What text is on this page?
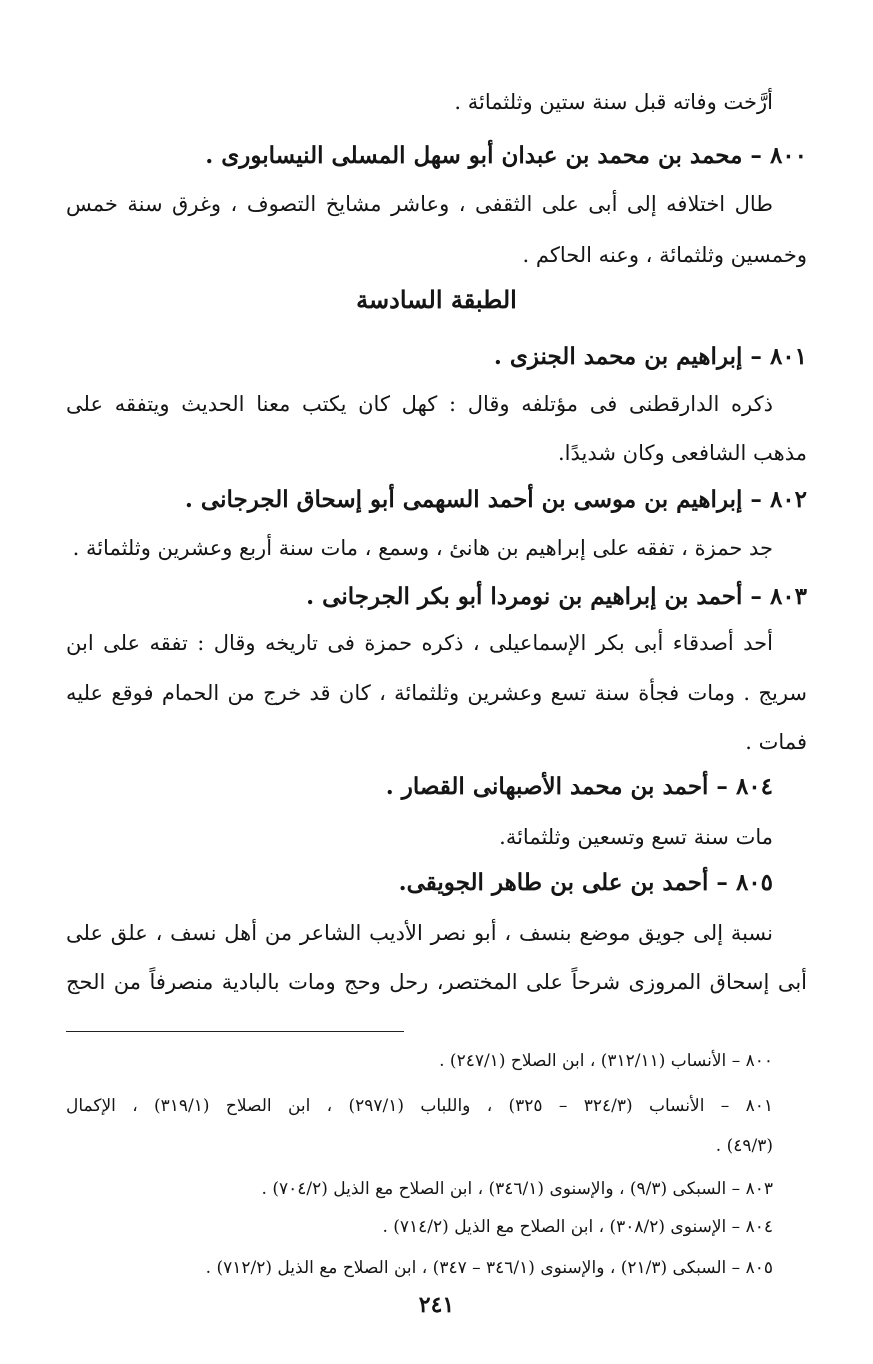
أرَّخت وفاته قبل سنة ستين وثلثمائة .
٨٠٠ – محمد بن محمد بن عبدان أبو سهل المسلى النيسابورى .
طال اختلافه إلى أبى على الثقفى ، وعاشر مشايخ التصوف ، وغرق سنة خمس
وخمسين وثلثمائة ، وعنه الحاكم .
الطبقة السادسة
٨٠١ – إبراهيم بن محمد الجنزى .
ذكره الدارقطنى فى مؤتلفه وقال : كهل كان يكتب معنا الحديث ويتفقه على
مذهب الشافعى وكان شديدًا.
٨٠٢ – إبراهيم بن موسى بن أحمد السهمى أبو إسحاق الجرجانى .
جد حمزة ، تفقه على إبراهيم بن هانئ ، وسمع ، مات سنة أربع وعشرين وثلثمائة .
٨٠٣ – أحمد بن إبراهيم بن نومردا أبو بكر الجرجانى .
أحد أصدقاء أبى بكر الإسماعيلى ، ذكره حمزة فى تاريخه وقال : تفقه على ابن
سريج . ومات فجأة سنة تسع وعشرين وثلثمائة ، كان قد خرج من الحمام فوقع عليه
فمات .
٨٠٤ – أحمد بن محمد الأصبهانى القصار .
مات سنة تسع وتسعين وثلثمائة.
٨٠٥ – أحمد بن على بن طاهر الجويقى.
نسبة إلى جويق موضع بنسف ، أبو نصر الأديب الشاعر من أهل نسف ، علق على
أبى إسحاق المروزى شرحاً على المختصر، رحل وحج ومات بالبادية منصرفاً من الحج
٨٠٠ – الأنساب (٣١٢/١١) ، ابن الصلاح (٢٤٧/١) .
٨٠١ – الأنساب (٣٢٤/٣ – ٣٢٥) ، واللباب (٢٩٧/١) ، ابن الصلاح (٣١٩/١) ، الإكمال
(٤٩/٣) .
٨٠٣ – السبكى (٩/٣) ، والإسنوى (٣٤٦/١) ، ابن الصلاح مع الذيل (٧٠٤/٢) .
٨٠٤ – الإسنوى (٣٠٨/٢) ، ابن الصلاح مع الذيل (٧١٤/٢) .
٨٠٥ – السبكى (٢١/٣) ، والإسنوى (٣٤٦/١ – ٣٤٧) ، ابن الصلاح مع الذيل (٧١٢/٢) .
٢٤١
